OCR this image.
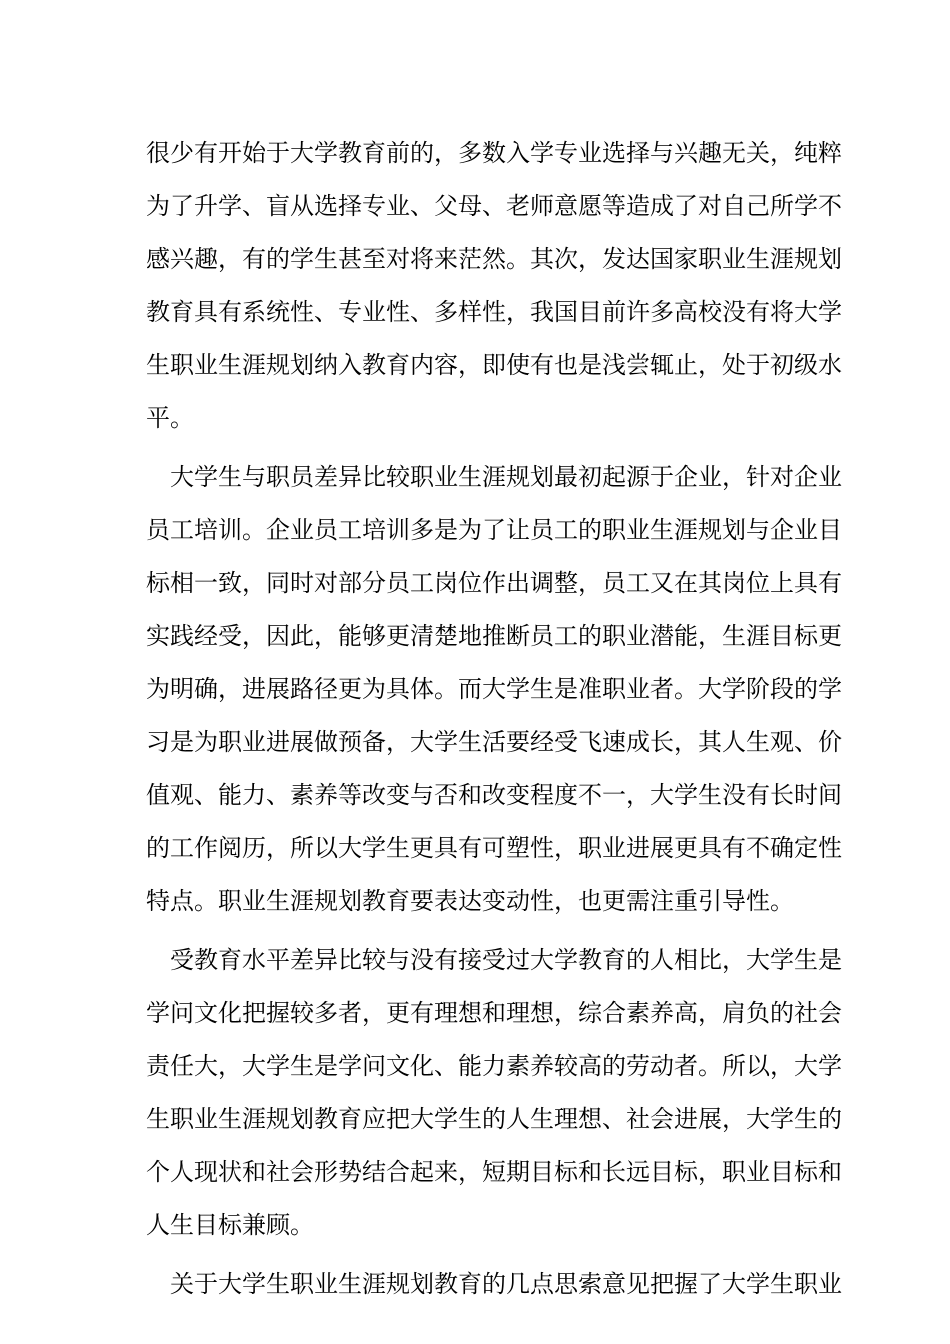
很少有开始于大学教育前的，多数入学专业选择与兴趣无关，纯粹
为了升学、盲从选择专业、父母、老师意愿等造成了对自己所学不
感兴趣，有的学生甚至对将来茫然。其次，发达国家职业生涯规划
教育具有系统性、专业性、多样性，我国目前许多高校没有将大学
生职业生涯规划纳入教育内容，即使有也是浅尝辄止，处于初级水
平。
大学生与职员差异比较职业生涯规划最初起源于企业，针对企业
员工培训。企业员工培训多是为了让员工的职业生涯规划与企业目
标相一致，同时对部分员工岗位作出调整，员工又在其岗位上具有
实践经受，因此，能够更清楚地推断员工的职业潜能，生涯目标更
为明确，进展路径更为具体。而大学生是准职业者。大学阶段的学
习是为职业进展做预备，大学生活要经受飞速成长，其人生观、价
值观、能力、素养等改变与否和改变程度不一，大学生没有长时间
的工作阅历，所以大学生更具有可塑性，职业进展更具有不确定性
特点。职业生涯规划教育要表达变动性，也更需注重引导性。
受教育水平差异比较与没有接受过大学教育的人相比，大学生是
学问文化把握较多者，更有理想和理想，综合素养高，肩负的社会
责任大，大学生是学问文化、能力素养较高的劳动者。所以，大学
生职业生涯规划教育应把大学生的人生理想、社会进展，大学生的
个人现状和社会形势结合起来，短期目标和长远目标，职业目标和
人生目标兼顾。
关于大学生职业生涯规划教育的几点思索意见把握了大学生职业
